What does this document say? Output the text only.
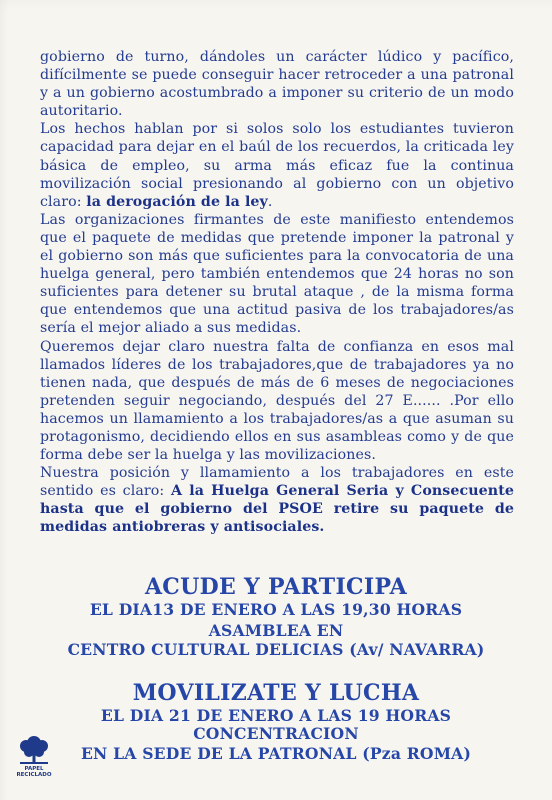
gobierno de turno, dándoles un carácter lúdico y pacífico, difícilmente se puede conseguir hacer retroceder a una patronal y a un gobierno acostumbrado a imponer su criterio de un modo autoritario.

Los hechos hablan por si solos solo los estudiantes tuvieron capacidad para dejar en el baúl de los recuerdos, la criticada ley básica de empleo, su arma más eficaz fue la continua movilización social presionando al gobierno con un objetivo claro: la derogación de la ley.

Las organizaciones firmantes de este manifiesto entendemos que el paquete de medidas que pretende imponer la patronal y el gobierno son más que suficientes para la convocatoria de una huelga general, pero también entendemos que 24 horas no son suficientes para detener su brutal ataque , de la misma forma que entendemos que una actitud pasiva de los trabajadores/as sería el mejor aliado a sus medidas.

Queremos dejar claro nuestra falta de confianza en esos mal llamados líderes de los trabajadores,que de trabajadores ya no tienen nada, que después de más de 6 meses de negociaciones pretenden seguir negociando, después del 27 E...... .Por ello hacemos un llamamiento a los trabajadores/as a que asuman su protagonismo, decidiendo ellos en sus asambleas como y de que forma debe ser la huelga y las movilizaciones.

Nuestra posición y llamamiento a los trabajadores en este sentido es claro: A la Huelga General Seria y Consecuente hasta que el gobierno del PSOE retire su paquete de medidas antiobreras y antisociales.

ACUDE Y PARTICIPA
EL DIA13 DE ENERO A LAS 19,30 HORAS
ASAMBLEA EN
CENTRO CULTURAL DELICIAS (Av/ NAVARRA)
MOVILIZATE Y LUCHA
EL DIA 21 DE ENERO A LAS 19 HORAS
CONCENTRACION
EN LA SEDE DE LA PATRONAL (Pza ROMA)
PAPEL
RECICLADO
